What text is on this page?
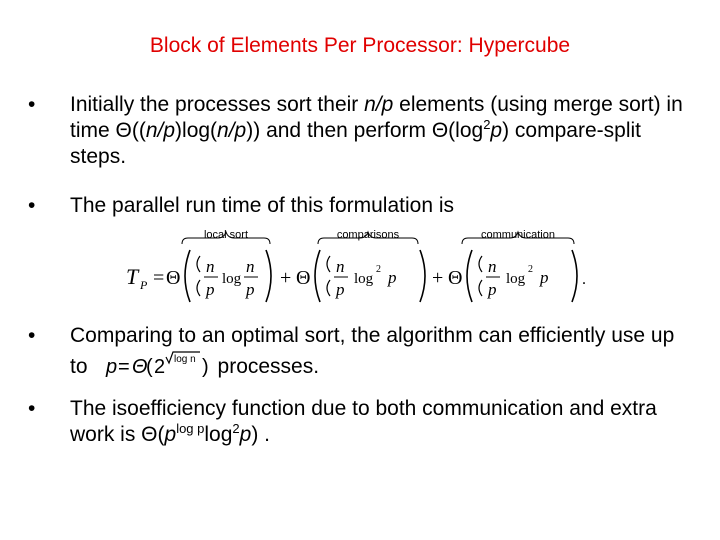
Block of Elements Per Processor: Hypercube
•	Initially the processes sort their n/p elements (using merge sort) in time Θ((n/p)log(n/p)) and then perform $\Theta(\log^2p)$ compare-split steps.
•	The parallel run time of this formulation is
local sort	comparisons	communication
T P = Θ
n
p
log
n
p
+ Θ
n
p
log
2 p + Θ
n
p
log
2 p .
•	Comparing to an optimal sort, the algorithm can efficiently use up to p = Θ
( 2 log n ) processes.
•	The isoefficiency function due to both communication and extra work is $\Theta(p^{log p}\log^2p)$ .
